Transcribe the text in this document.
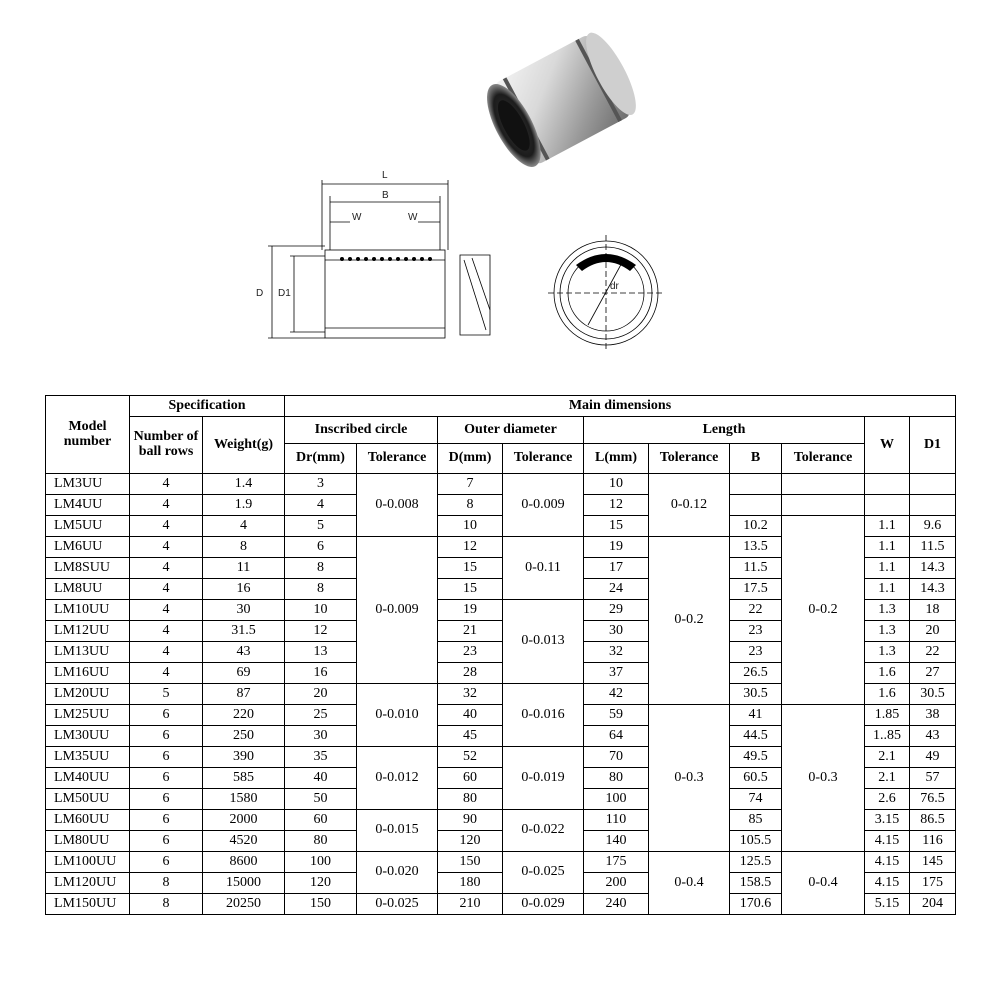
L
B
W	W
D D1
dr
Model number	Specification		Main dimensions									
	Number of ball rows	Weight(g)	Inscribed circle		Outer diameter		Length				W	D1
			Dr(mm)	Tolerance	D(mm)	Tolerance	L(mm)	Tolerance	B	Tolerance		
LM3UU	4	1.4	3	0-0.008	7	0-0.009	10	0-0.12				
LM4UU	4	1.9	4		8		12					
LM5UU	4	4	5		10		15		10.2	0-0.2	1.1	9.6
LM6UU	4	8	6	0-0.009	12	0-0.11	19	0-0.2	13.5		1.1	11.5
LM8SUU	4	11	8		15		17		11.5		1.1	14.3
LM8UU	4	16	8		15		24		17.5		1.1	14.3
LM10UU	4	30	10		19	0-0.013	29		22		1.3	18
LM12UU	4	31.5	12		21		30		23		1.3	20
LM13UU	4	43	13		23		32		23		1.3	22
LM16UU	4	69	16		28		37		26.5		1.6	27
LM20UU	5	87	20	0-0.010	32	0-0.016	42		30.5		1.6	30.5
LM25UU	6	220	25		40		59	0-0.3	41	0-0.3	1.85	38
LM30UU	6	250	30		45		64		44.5		1..85	43
LM35UU	6	390	35	0-0.012	52	0-0.019	70		49.5		2.1	49
LM40UU	6	585	40		60		80		60.5		2.1	57
LM50UU	6	1580	50		80		100		74		2.6	76.5
LM60UU	6	2000	60	0-0.015	90	0-0.022	110		85		3.15	86.5
LM80UU	6	4520	80		120		140		105.5		4.15	116
LM100UU	6	8600	100	0-0.020	150	0-0.025	175	0-0.4	125.5	0-0.4	4.15	145
LM120UU	8	15000	120		180		200		158.5		4.15	175
LM150UU	8	20250	150	0-0.025	210	0-0.029	240		170.6		5.15	204
